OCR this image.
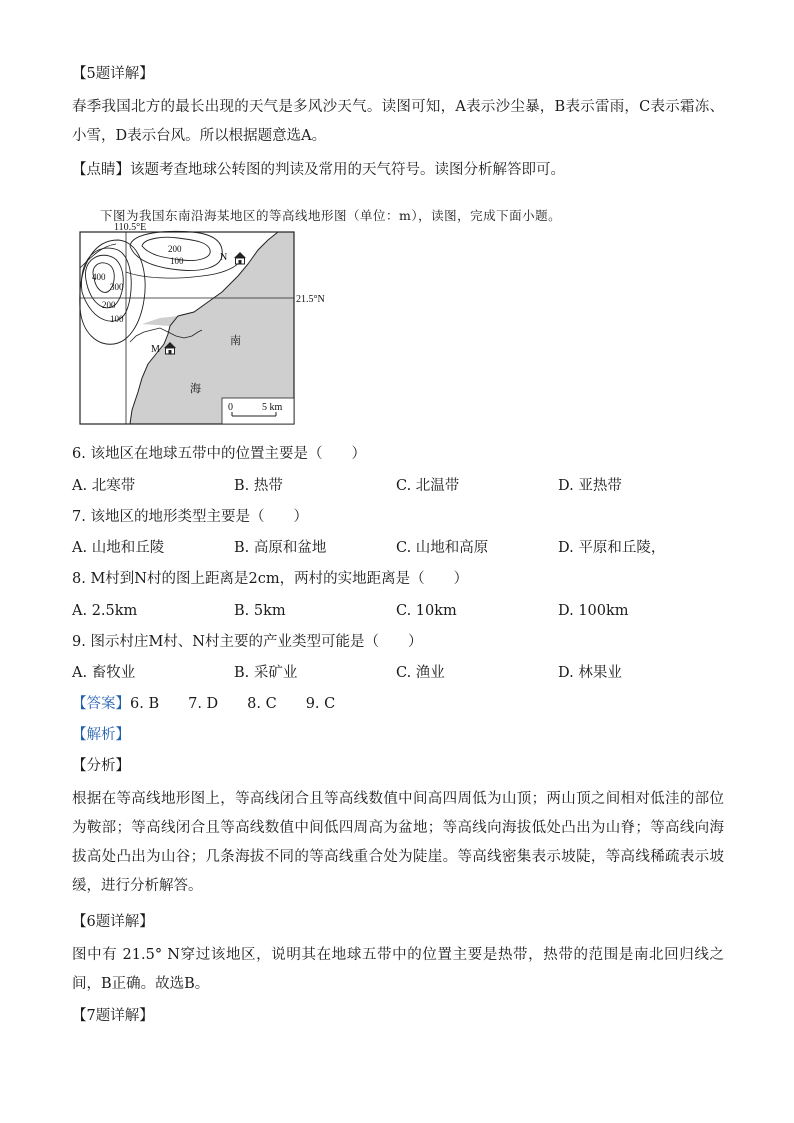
【5题详解】
春季我国北方的最长出现的天气是多风沙天气。读图可知，A表示沙尘暴，B表示雷雨，C表示霜冻、小雪，D表示台风。所以根据题意选A。
【点睛】该题考查地球公转图的判读及常用的天气符号。读图分析解答即可。
下图为我国东南沿海某地区的等高线地形图（单位：m），读图，完成下面小题。
110.5°E
21.5°N
400
300
200
100
200
100	N
M
南
海
0	5 km
6. 该地区在地球五带中的位置主要是（　　）
A. 北寒带	B. 热带	C. 北温带	D. 亚热带
7. 该地区的地形类型主要是（　　）
A. 山地和丘陵	B. 高原和盆地	C. 山地和高原	D. 平原和丘陵，
8. M村到N村的图上距离是2cm，两村的实地距离是（　　）
A. 2.5km	B. 5km	C. 10km	D. 100km
9. 图示村庄M村、N村主要的产业类型可能是（　　）
A. 畜牧业	B. 采矿业	C. 渔业	D. 林果业
【答案】6. B　　7. D　　8. C　　9. C
【解析】
【分析】
根据在等高线地形图上，等高线闭合且等高线数值中间高四周低为山顶；两山顶之间相对低洼的部位为鞍部；等高线闭合且等高线数值中间低四周高为盆地；等高线向海拔低处凸出为山脊；等高线向海拔高处凸出为山谷；几条海拔不同的等高线重合处为陡崖。等高线密集表示坡陡，等高线稀疏表示坡缓，进行分析解答。
【6题详解】
图中有 21.5° N穿过该地区，说明其在地球五带中的位置主要是热带，热带的范围是南北回归线之间，B正确。故选B。
【7题详解】
